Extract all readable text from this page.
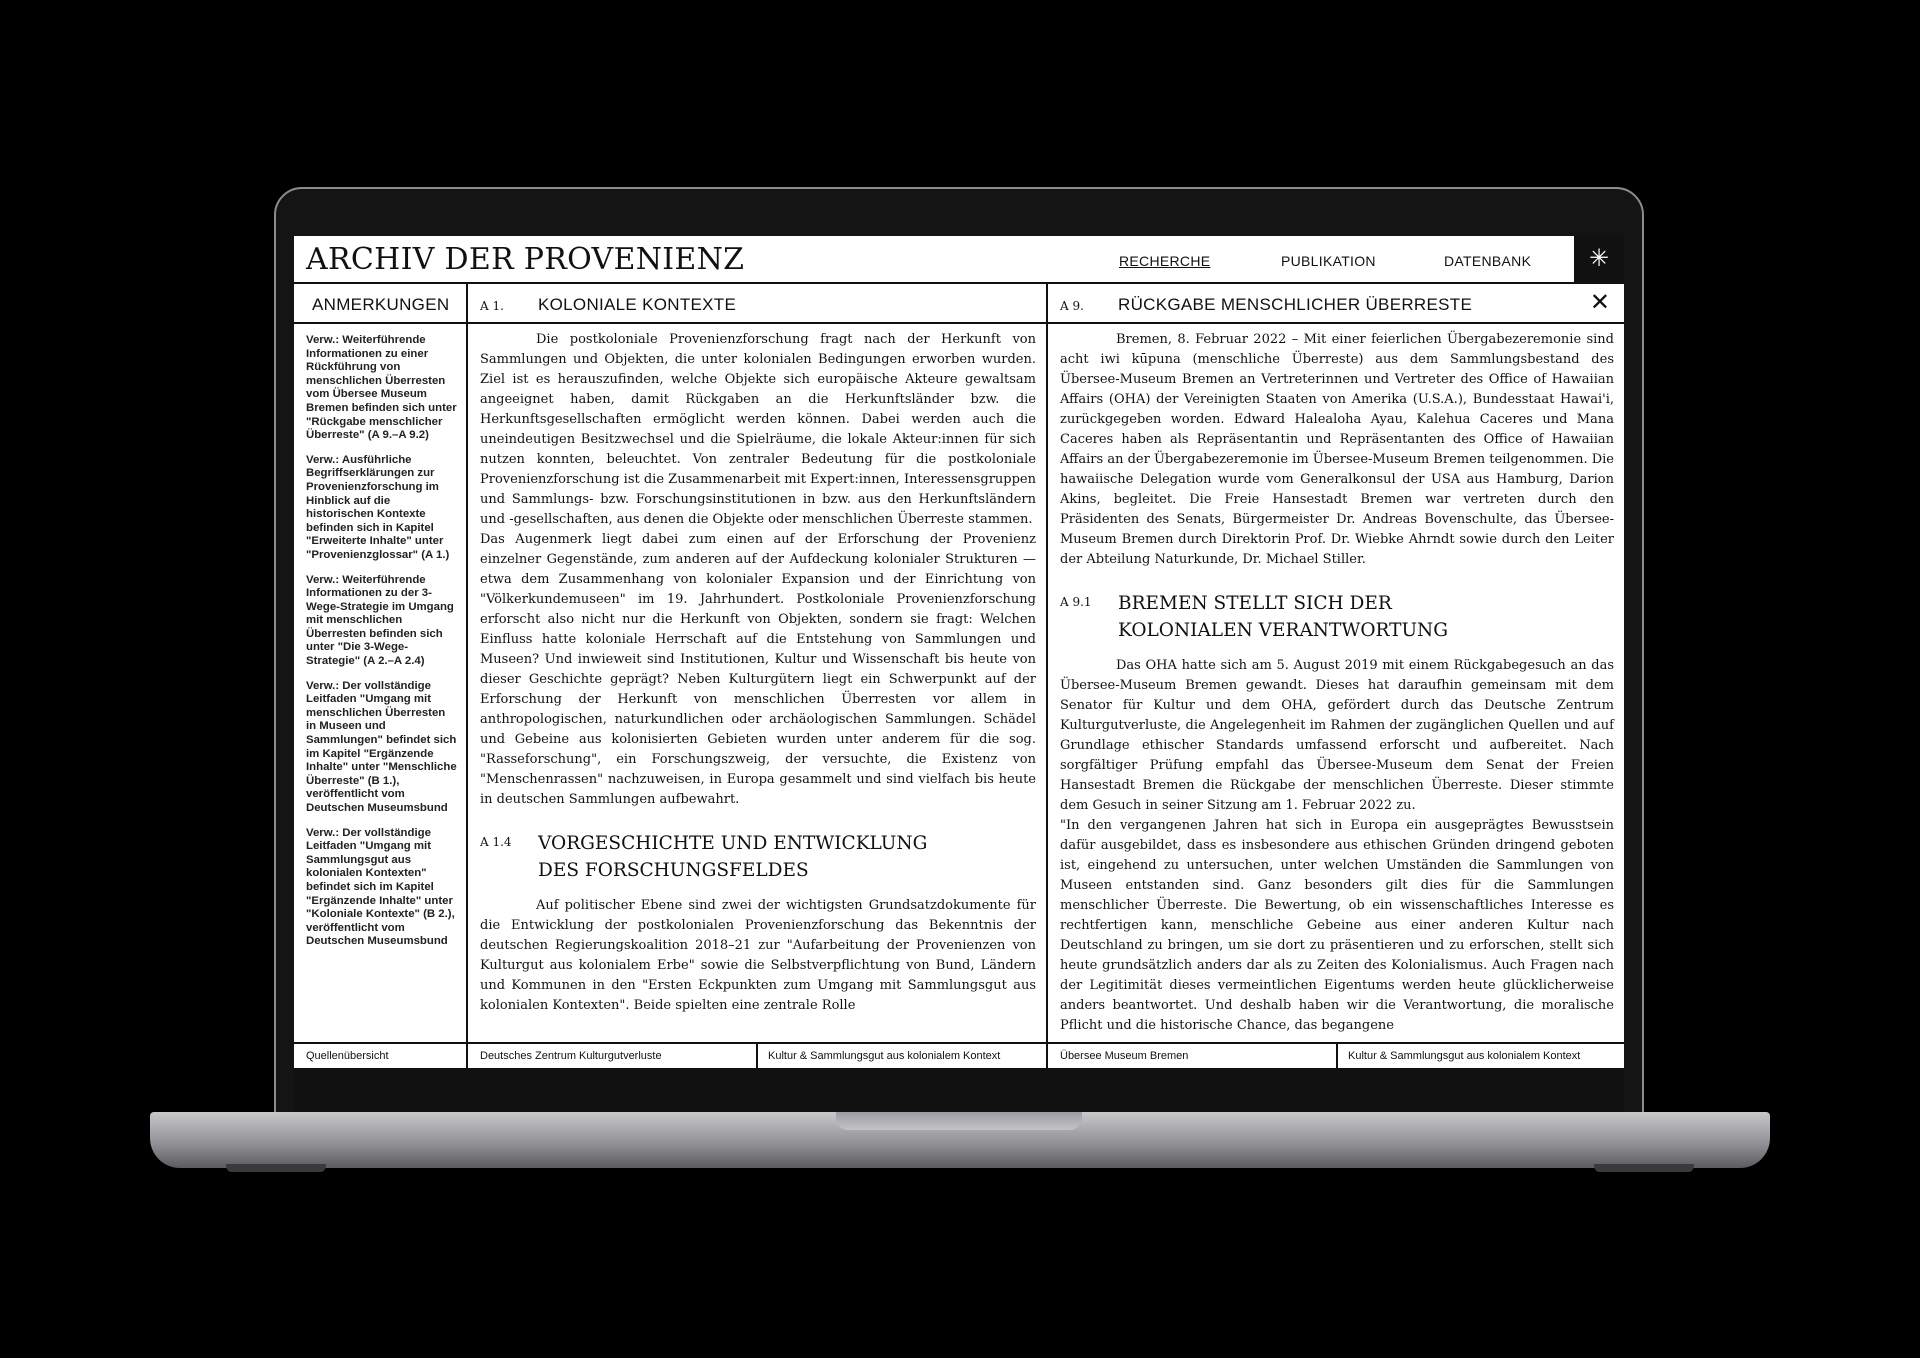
ARCHIV DER PROVENIENZ	RECHERCHE	PUBLIKATION	DATENBANK	✳
ANMERKUNGEN

Verw.: Weiterführende Informationen zu einer Rückführung von menschlichen Überresten vom Übersee Museum Bremen befinden sich unter "Rückgabe menschlicher Überreste" (A 9.–A 9.2)

Verw.: Ausführliche Begriffserklärungen zur Provenienzforschung im Hinblick auf die historischen Kontexte befinden sich in Kapitel "Erweiterte Inhalte" unter "Provenienzglossar" (A 1.)

Verw.: Weiterführende Informationen zu der 3-Wege-Strategie im Umgang mit menschlichen Überresten befinden sich unter "Die 3-Wege-Strategie" (A 2.–A 2.4)

Verw.: Der vollständige Leitfaden "Umgang mit menschlichen Überresten in Museen und Sammlungen" befindet sich im Kapitel "Ergänzende Inhalte" unter "Menschliche Überreste" (B 1.), veröffentlicht vom Deutschen Museumsbund

Verw.: Der vollständige Leitfaden "Umgang mit Sammlungsgut aus kolonialen Kontexten" befindet sich im Kapitel "Ergänzende Inhalte" unter "Koloniale Kontexte" (B 2.), veröffentlicht vom Deutschen Museumsbund

Quellenübersicht
A 1. KOLONIALE KONTEXTE

Die postkoloniale Provenienzforschung fragt nach der Herkunft von Sammlungen und Objekten, die unter kolonialen Bedingungen erworben wurden. Ziel ist es herauszufinden, welche Objekte sich europäische Akteure gewaltsam angeeignet haben, damit Rückgaben an die Herkunftsländer bzw. die Herkunftsgesellschaften ermöglicht werden können. Dabei werden auch die uneindeutigen Besitzwechsel und die Spielräume, die lokale Akteur:innen für sich nutzen konnten, beleuchtet. Von zentraler Bedeutung für die postkoloniale Provenienzforschung ist die Zusammenarbeit mit Expert:innen, Interessensgruppen und Sammlungs- bzw. Forschungsinstitutionen in bzw. aus den Herkunftsländern und -gesellschaften, aus denen die Objekte oder menschlichen Überreste stammen.

Das Augenmerk liegt dabei zum einen auf der Erforschung der Provenienz einzelner Gegenstände, zum anderen auf der Aufdeckung kolonialer Strukturen — etwa dem Zusammenhang von kolonialer Expansion und der Einrichtung von "Völkerkundemuseen" im 19. Jahrhundert. Postkoloniale Provenienzforschung erforscht also nicht nur die Herkunft von Objekten, sondern sie fragt: Welchen Einfluss hatte koloniale Herrschaft auf die Entstehung von Sammlungen und Museen? Und inwieweit sind Institutionen, Kultur und Wissenschaft bis heute von dieser Geschichte geprägt? Neben Kulturgütern liegt ein Schwerpunkt auf der Erforschung der Herkunft von menschlichen Überresten vor allem in anthropologischen, naturkundlichen oder archäologischen Sammlungen. Schädel und Gebeine aus kolonisierten Gebieten wurden unter anderem für die sog. "Rasseforschung", ein Forschungszweig, der versuchte, die Existenz von "Menschenrassen" nachzuweisen, in Europa gesammelt und sind vielfach bis heute in deutschen Sammlungen aufbewahrt.

A 1.4 VORGESCHICHTE UND ENTWICKLUNG
DES FORSCHUNGSFELDES

Auf politischer Ebene sind zwei der wichtigsten Grundsatzdokumente für die Entwicklung der postkolonialen Provenienzforschung das Bekenntnis der deutschen Regierungskoalition 2018–21 zur "Aufarbeitung der Provenienzen von Kulturgut aus kolonialem Erbe" sowie die Selbstverpflichtung von Bund, Ländern und Kommunen in den "Ersten Eckpunkten zum Umgang mit Sammlungsgut aus kolonialen Kontexten". Beide spielten eine zentrale Rolle

Deutsches Zentrum Kulturgutverluste	Kultur & Sammlungsgut aus kolonialem Kontext
A 9. RÜCKGABE MENSCHLICHER ÜBERRESTE	✕

Bremen, 8. Februar 2022 – Mit einer feierlichen Übergabezeremonie sind acht iwi kūpuna (menschliche Überreste) aus dem Sammlungsbestand des Übersee-Museum Bremen an Vertreterinnen und Vertreter des Office of Hawaiian Affairs (OHA) der Vereinigten Staaten von Amerika (U.S.A.), Bundesstaat Hawai'i, zurückgegeben worden. Edward Halealoha Ayau, Kalehua Caceres und Mana Caceres haben als Repräsentantin und Repräsentanten des Office of Hawaiian Affairs an der Übergabezeremonie im Übersee-Museum Bremen teilgenommen. Die hawaiische Delegation wurde vom Generalkonsul der USA aus Hamburg, Darion Akins, begleitet. Die Freie Hansestadt Bremen war vertreten durch den Präsidenten des Senats, Bürgermeister Dr. Andreas Bovenschulte, das Übersee-Museum Bremen durch Direktorin Prof. Dr. Wiebke Ahrndt sowie durch den Leiter der Abteilung Naturkunde, Dr. Michael Stiller.

A 9.1 BREMEN STELLT SICH DER
KOLONIALEN VERANTWORTUNG

Das OHA hatte sich am 5. August 2019 mit einem Rückgabegesuch an das Übersee-Museum Bremen gewandt. Dieses hat daraufhin gemeinsam mit dem Senator für Kultur und dem OHA, gefördert durch das Deutsche Zentrum Kulturgutverluste, die Angelegenheit im Rahmen der zugänglichen Quellen und auf Grundlage ethischer Standards umfassend erforscht und aufbereitet. Nach sorgfältiger Prüfung empfahl das Übersee-Museum dem Senat der Freien Hansestadt Bremen die Rückgabe der menschlichen Überreste. Dieser stimmte dem Gesuch in seiner Sitzung am 1. Februar 2022 zu.

"In den vergangenen Jahren hat sich in Europa ein ausgeprägtes Bewusstsein dafür ausgebildet, dass es insbesondere aus ethischen Gründen dringend geboten ist, eingehend zu untersuchen, unter welchen Umständen die Sammlungen von Museen entstanden sind. Ganz besonders gilt dies für die Sammlungen menschlicher Überreste. Die Bewertung, ob ein wissenschaftliches Interesse es rechtfertigen kann, menschliche Gebeine aus einer anderen Kultur nach Deutschland zu bringen, um sie dort zu präsentieren und zu erforschen, stellt sich heute grundsätzlich anders dar als zu Zeiten des Kolonialismus. Auch Fragen nach der Legitimität dieses vermeintlichen Eigentums werden heute glücklicherweise anders beantwortet. Und deshalb haben wir die Verantwortung, die moralische Pflicht und die historische Chance, das begangene

Übersee Museum Bremen	Kultur & Sammlungsgut aus kolonialem Kontext
